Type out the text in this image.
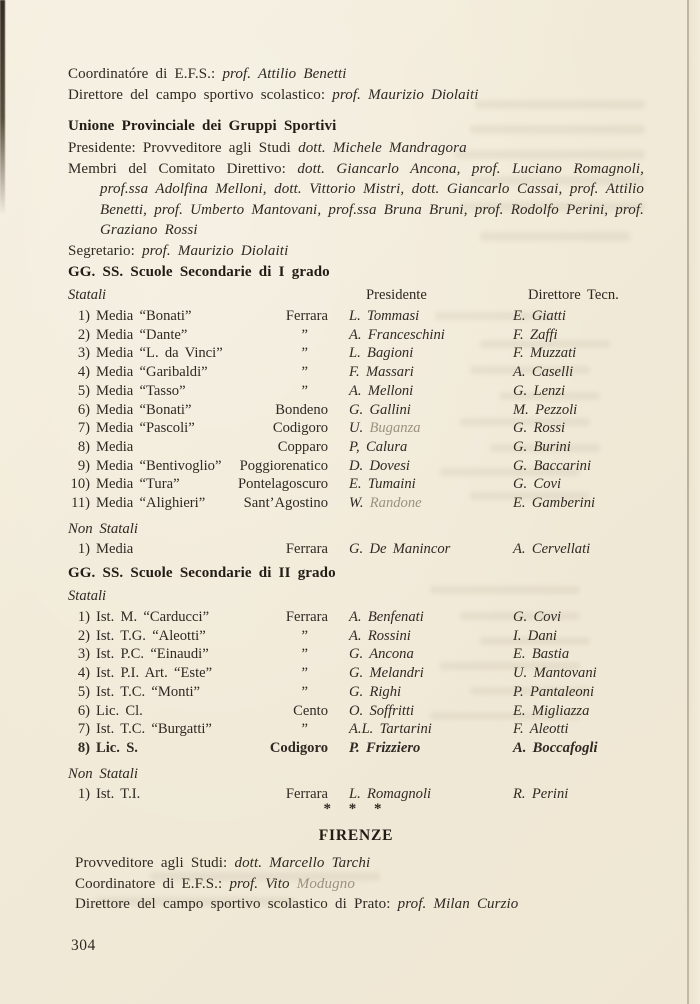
Coordinatóre di E.F.S.: prof. Attilio Benetti

Direttore del campo sportivo scolastico: prof. Maurizio Diolaiti

Unione Provinciale dei Gruppi Sportivi

Presidente: Provveditore agli Studi dott. Michele Mandragora

Membri del Comitato Direttivo: dott. Giancarlo Ancona, prof. Luciano Romagnoli, prof.ssa Adolfina Melloni, dott. Vittorio Mistri, dott. Giancarlo Cassai, prof. Attilio Benetti, prof. Umberto Mantovani, prof.ssa Bruna Bruni, prof. Rodolfo Perini, prof. Graziano Rossi

Segretario: prof. Maurizio Diolaiti

GG. SS. Scuole Secondarie di I grado
Statali	Presidente	Direttore Tecn.
1) Media “Bonati”	Ferrara L. Tommasi	E. Giatti
2) Media “Dante”	”	A. Franceschini	F. Zaffi
3) Media “L. da Vinci”	”	L. Bagioni	F. Muzzati
4) Media “Garibaldi”	”	F. Massari	A. Caselli
5) Media “Tasso”	”	A. Melloni	G. Lenzi
6) Media “Bonati”	Bondeno G. Gallini	M. Pezzoli
7) Media “Pascoli”	Codigoro U. Buganza	G. Rossi
8) Media	Copparo P, Calura	G. Burini
9) Media “Bentivoglio”	Poggiorenatico D. Dovesi	G. Baccarini
10) Media “Tura”	Pontelagoscuro E. Tumaini	G. Covi
11) Media “Alighieri”	Sant’Agostino W. Randone	E. Gamberini

Non Statali

1) Media	Ferrara G. De Manincor	A. Cervellati
GG. SS. Scuole Secondarie di II grado
Statali
1) Ist. M. “Carducci”	Ferrara A. Benfenati	G. Covi
2) Ist. T.G. “Aleotti”	”	A. Rossini	I. Dani
3) Ist. P.C. “Einaudi”	”	G. Ancona	E. Bastia
4) Ist. P.I. Art. “Este”	”	G. Melandri	U. Mantovani
5) Ist. T.C. “Monti”	”	G. Righi	P. Pantaleoni
6) Lic. Cl.	Cento O. Soffritti	E. Migliazza
7) Ist. T.C. “Burgatti”	”	A.L. Tartarini	F. Aleotti
8) Lic. S.	Codigoro P. Frizziero	A. Boccafogli

Non Statali

1) Ist. T.I.	Ferrara L. Romagnoli	R. Perini
* * *
FIRENZE

Provveditore agli Studi: dott. Marcello Tarchi

Coordinatore di E.F.S.: prof. Vito Modugno

Direttore del campo sportivo scolastico di Prato: prof. Milan Curzio

304
